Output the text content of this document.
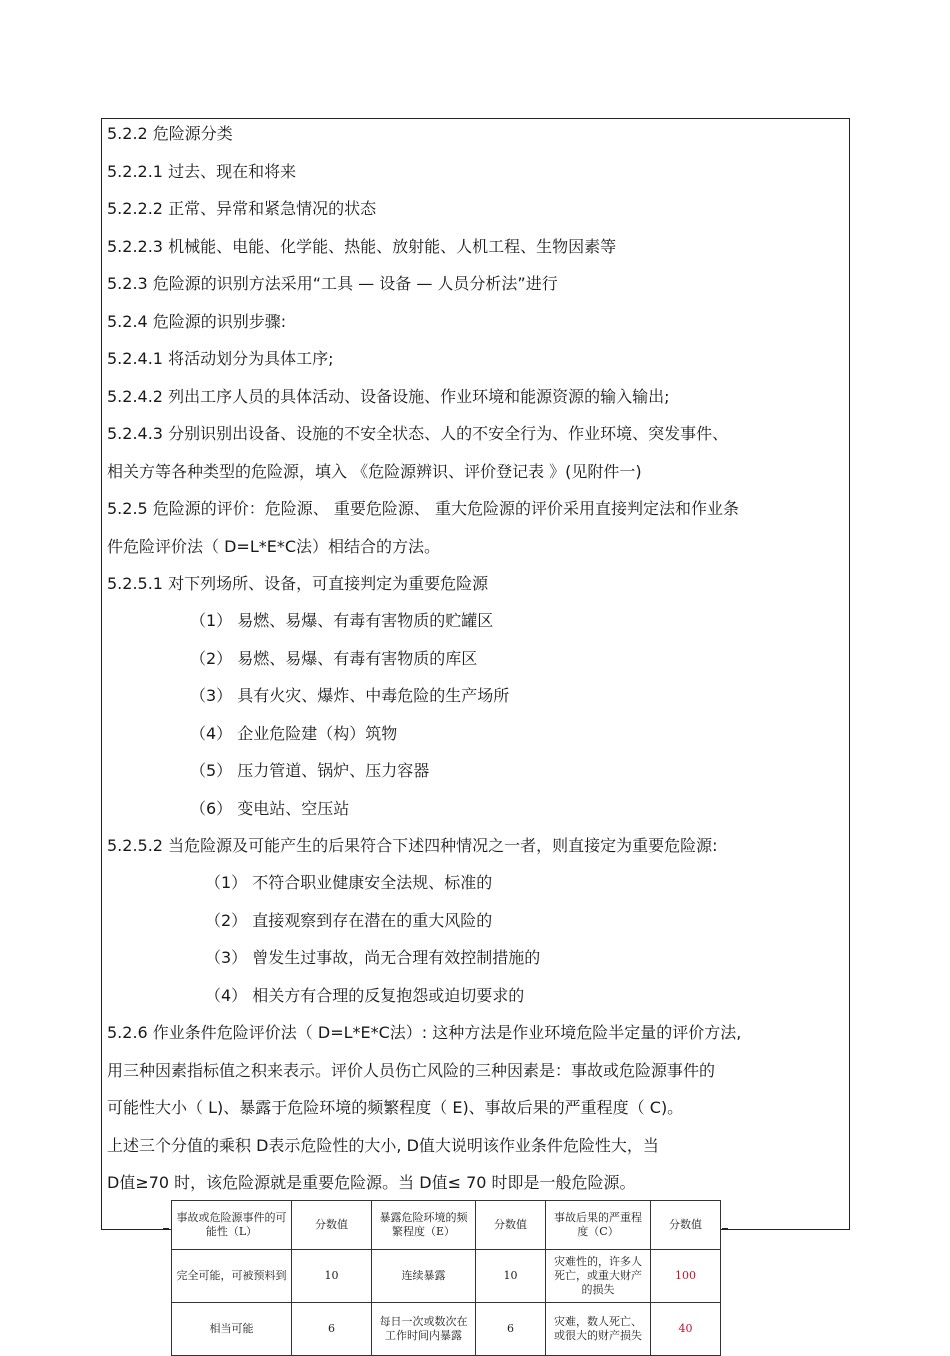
5.2.2 危险源分类
5.2.2.1 过去、现在和将来
5.2.2.2 正常、异常和紧急情况的状态
5.2.2.3 机械能、电能、化学能、热能、放射能、人机工程、生物因素等
5.2.3 危险源的识别方法采用“工具 — 设备 — 人员分析法”进行
5.2.4 危险源的识别步骤:
5.2.4.1 将活动划分为具体工序;
5.2.4.2 列出工序人员的具体活动、设备设施、作业环境和能源资源的输入输出;
5.2.4.3 分别识别出设备、设施的不安全状态、人的不安全行为、作业环境、突发事件、
相关方等各种类型的危险源，填入 《危险源辨识、评价登记表 》(见附件一)
5.2.5 危险源的评价：危险源、 重要危险源、 重大危险源的评价采用直接判定法和作业条
件危险评价法（ D=L*E*C法）相结合的方法。
5.2.5.1 对下列场所、设备，可直接判定为重要危险源
（1） 易燃、易爆、有毒有害物质的贮罐区
（2） 易燃、易爆、有毒有害物质的库区
（3） 具有火灾、爆炸、中毒危险的生产场所
（4） 企业危险建（构）筑物
（5） 压力管道、锅炉、压力容器
（6） 变电站、空压站
5.2.5.2 当危险源及可能产生的后果符合下述四种情况之一者，则直接定为重要危险源:
（1） 不符合职业健康安全法规、标准的
（2） 直接观察到存在潜在的重大风险的
（3） 曾发生过事故，尚无合理有效控制措施的
（4） 相关方有合理的反复抱怨或迫切要求的
5.2.6 作业条件危险评价法（ D=L*E*C法）: 这种方法是作业环境危险半定量的评价方法,
用三种因素指标值之积来表示。评价人员伤亡风险的三种因素是：事故或危险源事件的
可能性大小（ L)、暴露于危险环境的频繁程度（ E)、事故后果的严重程度（ C)。
上述三个分值的乘积 D表示危险性的大小, D值大说明该作业条件危险性大，当
D值≥70 时，该危险源就是重要危险源。当 D值≤ 70 时即是一般危险源。
事故或危险源事件的可能性（L）	分数值	暴露危险环境的频繁程度（E）	分数值	事故后果的严重程度（C）	分数值
完全可能，可被预料到	10	连续暴露	10	灾难性的，许多人死亡，或重大财产的损失	100
相当可能	6	每日一次或数次在工作时间内暴露	6	灾难，数人死亡、或很大的财产损失	40
